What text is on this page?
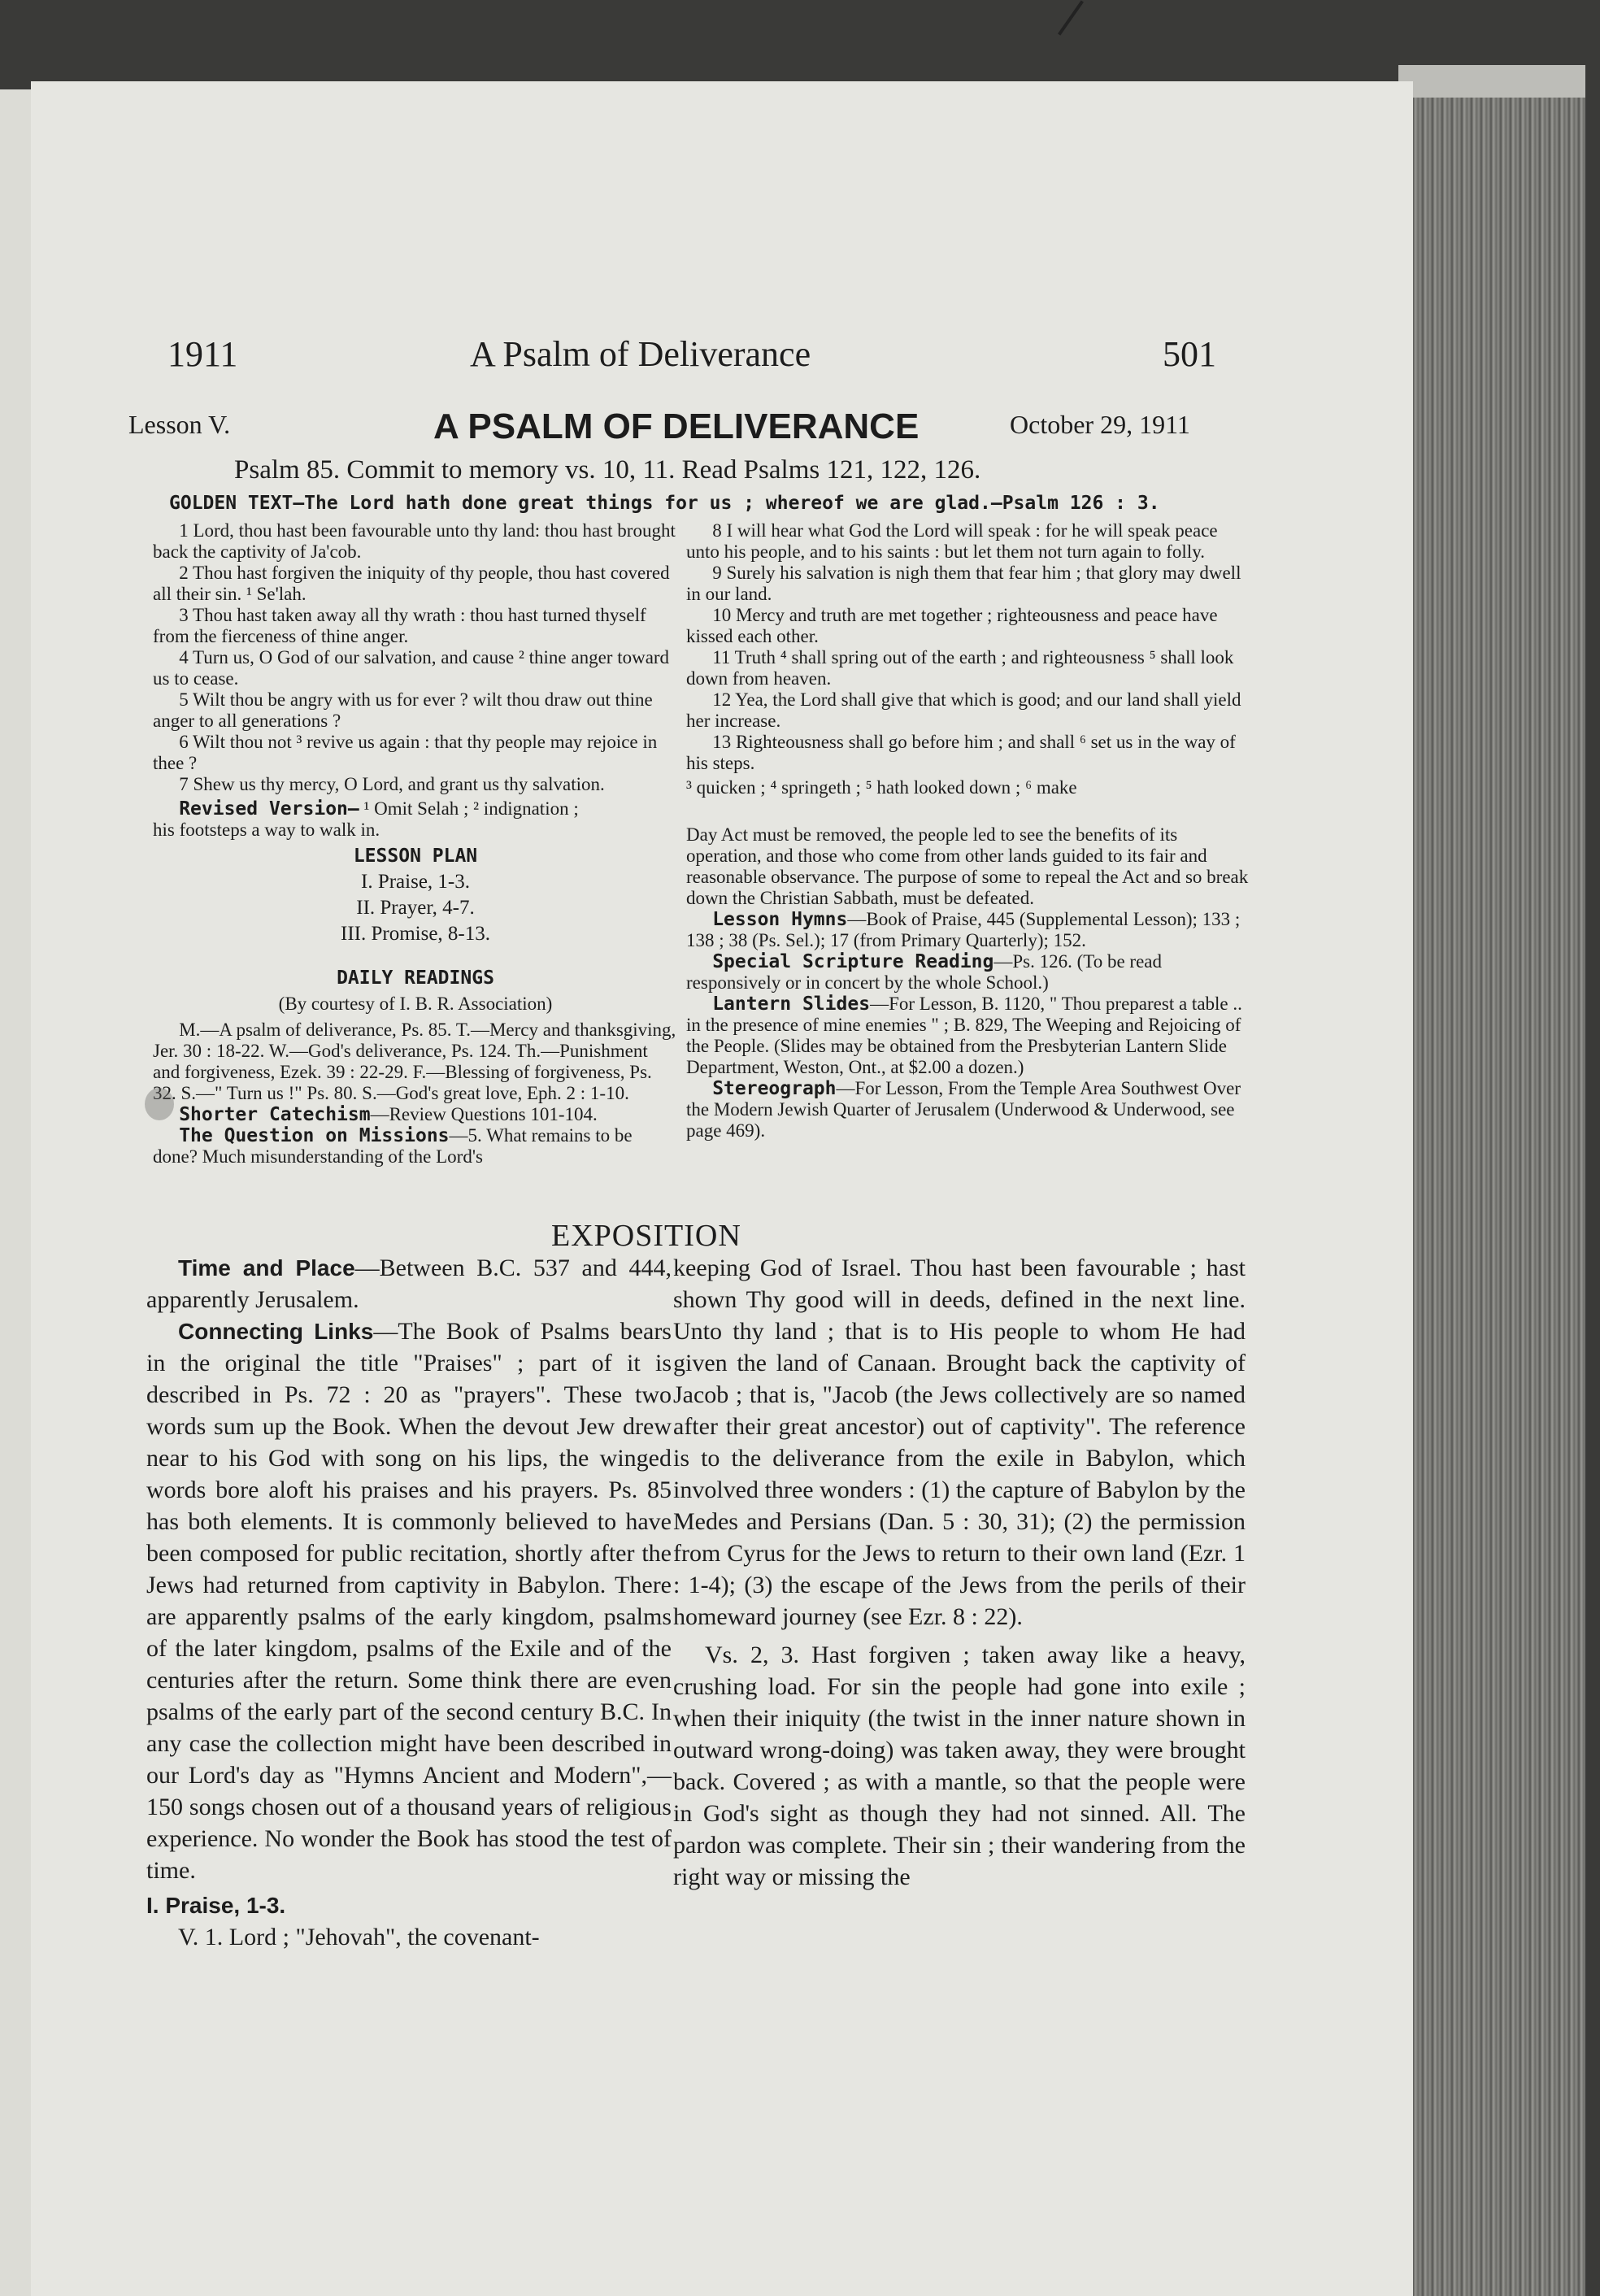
1911	A Psalm of Deliverance	501
Lesson V.	A PSALM OF DELIVERANCE	October 29, 1911
Psalm 85. Commit to memory vs. 10, 11. Read Psalms 121, 122, 126.
GOLDEN TEXT—The Lord hath done great things for us ; whereof we are glad.—Psalm 126 : 3.

1 Lord, thou hast been favourable unto thy land: thou hast brought back the captivity of Ja'cob.

2 Thou hast forgiven the iniquity of thy people, thou hast covered all their sin. ¹ Se'lah.

3 Thou hast taken away all thy wrath : thou hast turned thyself from the fierceness of thine anger.

4 Turn us, O God of our salvation, and cause ² thine anger toward us to cease.

5 Wilt thou be angry with us for ever ? wilt thou draw out thine anger to all generations ?

6 Wilt thou not ³ revive us again : that thy people may rejoice in thee ?

7 Shew us thy mercy, O Lord, and grant us thy salvation.

Revised Version— ¹ Omit Selah ; ² indignation ;

his footsteps a way to walk in.

LESSON PLAN
I. Praise, 1-3.
II. Prayer, 4-7.
III. Promise, 8-13.
DAILY READINGS
(By courtesy of I. B. R. Association)

M.—A psalm of deliverance, Ps. 85. T.—Mercy and thanksgiving, Jer. 30 : 18-22. W.—God's deliverance, Ps. 124. Th.—Punishment and forgiveness, Ezek. 39 : 22-29. F.—Blessing of forgiveness, Ps. 32. S.—" Turn us !" Ps. 80. S.—God's great love, Eph. 2 : 1-10.

Shorter Catechism—Review Questions 101-104.

The Question on Missions—5. What remains to be done? Much misunderstanding of the Lord's

8 I will hear what God the Lord will speak : for he will speak peace unto his people, and to his saints : but let them not turn again to folly.

9 Surely his salvation is nigh them that fear him ; that glory may dwell in our land.

10 Mercy and truth are met together ; righteousness and peace have kissed each other.

11 Truth ⁴ shall spring out of the earth ; and righteousness ⁵ shall look down from heaven.

12 Yea, the Lord shall give that which is good; and our land shall yield her increase.

13 Righteousness shall go before him ; and shall ⁶ set us in the way of his steps.

³ quicken ; ⁴ springeth ; ⁵ hath looked down ; ⁶ make

Day Act must be removed, the people led to see the benefits of its operation, and those who come from other lands guided to its fair and reasonable observance. The purpose of some to repeal the Act and so break down the Christian Sabbath, must be defeated.

Lesson Hymns—Book of Praise, 445 (Supplemental Lesson); 133 ; 138 ; 38 (Ps. Sel.); 17 (from Primary Quarterly); 152.

Special Scripture Reading—Ps. 126. (To be read responsively or in concert by the whole School.)

Lantern Slides—For Lesson, B. 1120, " Thou preparest a table .. in the presence of mine enemies " ; B. 829, The Weeping and Rejoicing of the People. (Slides may be obtained from the Presbyterian Lantern Slide Department, Weston, Ont., at $2.00 a dozen.)

Stereograph—For Lesson, From the Temple Area Southwest Over the Modern Jewish Quarter of Jerusalem (Underwood & Underwood, see page 469).

EXPOSITION

Time and Place—Between B.C. 537 and 444, apparently Jerusalem.

Connecting Links—The Book of Psalms bears in the original the title "Praises" ; part of it is described in Ps. 72 : 20 as "prayers". These two words sum up the Book. When the devout Jew drew near to his God with song on his lips, the winged words bore aloft his praises and his prayers. Ps. 85 has both elements. It is commonly believed to have been composed for public recitation, shortly after the Jews had returned from captivity in Babylon. There are apparently psalms of the early kingdom, psalms of the later kingdom, psalms of the Exile and of the centuries after the return. Some think there are even psalms of the early part of the second century B.C. In any case the collection might have been described in our Lord's day as "Hymns Ancient and Modern",—150 songs chosen out of a thousand years of religious experience. No wonder the Book has stood the test of time.

I. Praise, 1-3.

V. 1. Lord ; "Jehovah", the covenant-

keeping God of Israel. Thou hast been favourable ; hast shown Thy good will in deeds, defined in the next line. Unto thy land ; that is to His people to whom He had given the land of Canaan. Brought back the captivity of Jacob ; that is, "Jacob (the Jews collectively are so named after their great ancestor) out of captivity". The reference is to the deliverance from the exile in Babylon, which involved three wonders : (1) the capture of Babylon by the Medes and Persians (Dan. 5 : 30, 31); (2) the permission from Cyrus for the Jews to return to their own land (Ezr. 1 : 1-4); (3) the escape of the Jews from the perils of their homeward journey (see Ezr. 8 : 22).

Vs. 2, 3. Hast forgiven ; taken away like a heavy, crushing load. For sin the people had gone into exile ; when their iniquity (the twist in the inner nature shown in outward wrong-doing) was taken away, they were brought back. Covered ; as with a mantle, so that the people were in God's sight as though they had not sinned. All. The pardon was complete. Their sin ; their wandering from the right way or missing the
